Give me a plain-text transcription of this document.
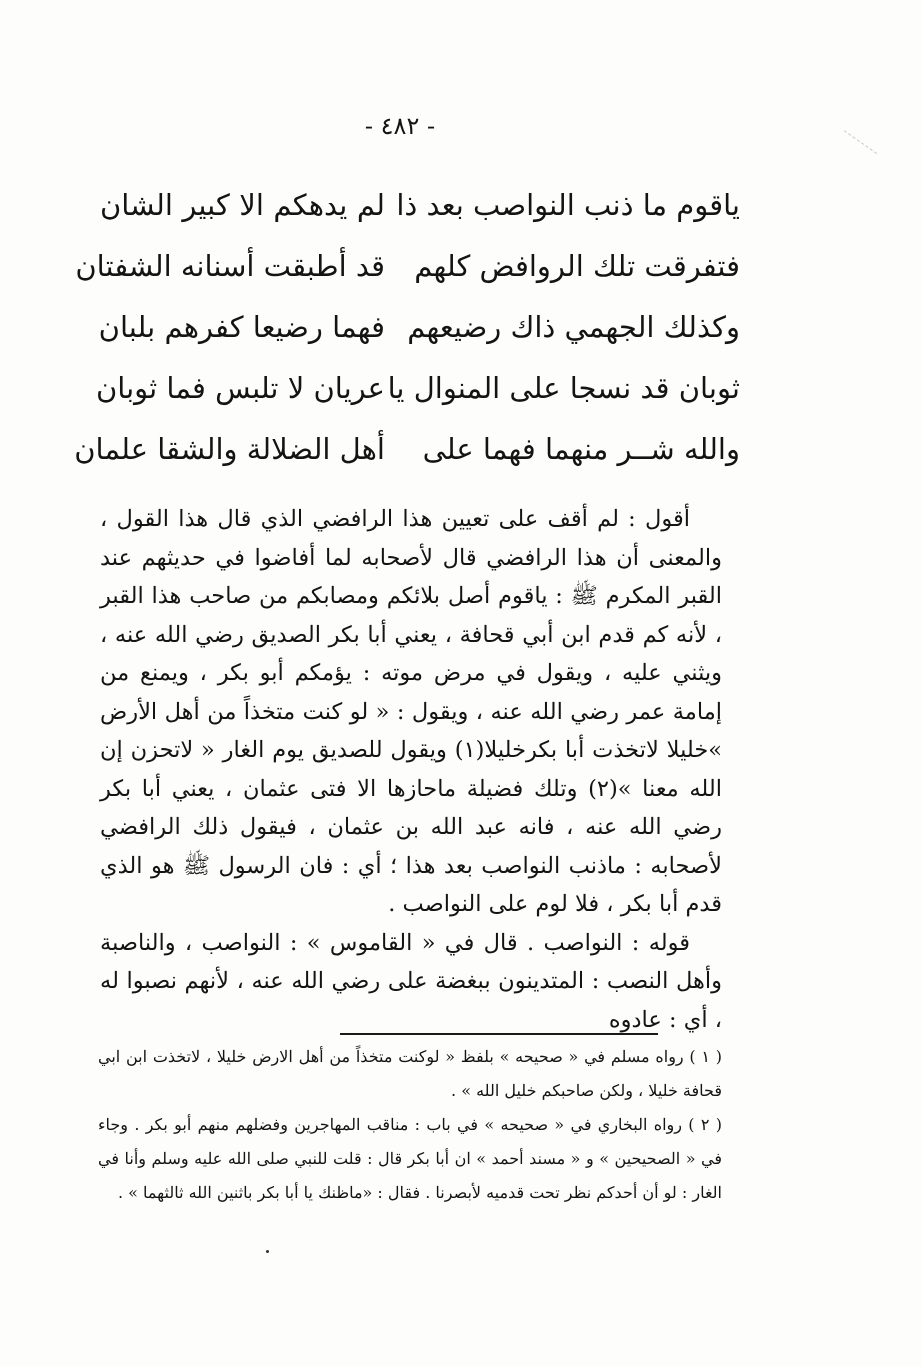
- ٤٨٢ -
ياقوم ما ذنب النواصب بعد ذا
لم يدهكم الا كبير الشان
فتفرقت تلك الروافض كلهم
قد أطبقت أسنانه الشفتان
وكذلك الجهمي ذاك رضيعهم
فهما رضيعا كفرهم بلبان
ثوبان قد نسجا على المنوال يا
عريان لا تلبس فما ثوبان
والله شــر منهما فهما على
أهل الضلالة والشقا علمان

أقول : لم أقف على تعيين هذا الرافضي الذي قال هذا القول ، والمعنى أن هذا الرافضي قال لأصحابه لما أفاضوا في حديثهم عند القبر المكرم ﷺ : ياقوم أصل بلائكم ومصابكم من صاحب هذا القبر ، لأنه كم قدم ابن أبي قحافة ، يعني أبا بكر الصديق رضي الله عنه ، ويثني عليه ، ويقول في مرض موته : يؤمكم أبو بكر ، ويمنع من إمامة عمر رضي الله عنه ، ويقول : « لو كنت متخذاً من أهل الأرض »خليلا لاتخذت أبا بكرخليلا(١) ويقول للصديق يوم الغار « لاتحزن إن الله معنا »(٢) وتلك فضيلة ماحازها الا فتى عثمان ، يعني أبا بكر رضي الله عنه ، فانه عبد الله بن عثمان ، فيقول ذلك الرافضي لأصحابه : ماذنب النواصب بعد هذا ؛ أي : فان الرسول ﷺ هو الذي قدم أبا بكر ، فلا لوم على النواصب .

قوله : النواصب . قال في « القاموس » : النواصب ، والناصبة وأهل النصب : المتدينون ببغضة على رضي الله عنه ، لأنهم نصبوا له ، أي : عادوه

( ١ ) رواه مسلم في « صحيحه » بلفظ « لوكنت متخذاً من أهل الارض خليلا ، لاتخذت ابن ابي قحافة خليلا ، ولكن صاحبكم خليل الله » .

( ٢ ) رواه البخاري في « صحيحه » في باب : مناقب المهاجرين وفضلهم منهم أبو بكر . وجاء في « الصحيحين » و « مسند أحمد » ان أبا بكر قال : قلت للنبي صلى الله عليه وسلم وأنا في الغار : لو أن أحدكم نظر تحت قدميه لأبصرنا . فقال : «ماظنك يا أبا بكر باثنين الله ثالثهما » .
